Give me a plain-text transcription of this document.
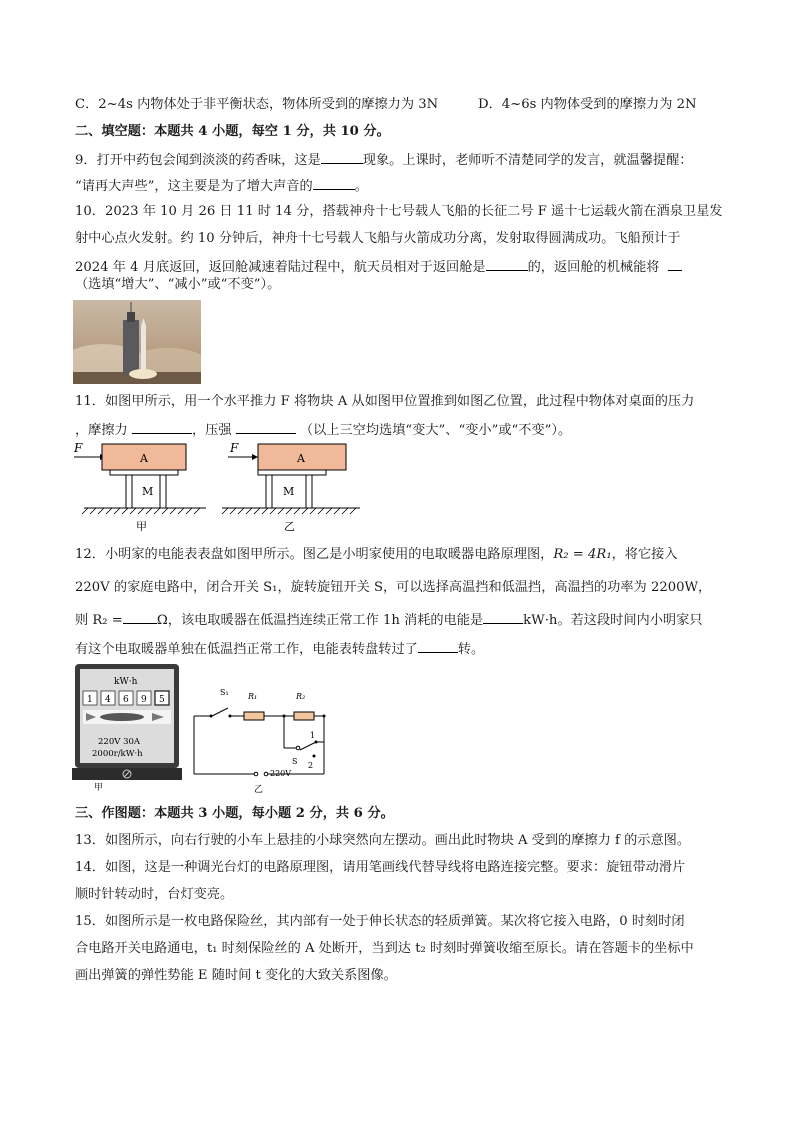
C．2~4s 内物体处于非平衡状态，物体所受到的摩擦力为 3N	D．4~6s 内物体受到的摩擦力为 2N
二、填空题：本题共 4 小题，每空 1 分，共 10 分。
9．打开中药包会闻到淡淡的药香味，这是	现象。上课时，老师听不清楚同学的发言，就温馨提醒：
“请再大声些”，这主要是为了增大声音的	。
10．2023 年 10 月 26 日 11 时 14 分，搭载神舟十七号载人飞船的长征二号 F 遥十七运载火箭在酒泉卫星发
射中心点火发射。约 10 分钟后，神舟十七号载人飞船与火箭成功分离，发射取得圆满成功。飞船预计于
2024 年 4 月底返回，返回舱减速着陆过程中，航天员相对于返回舱是	的，返回舱的机械能将
（选填“增大”、“减小”或“不变”）。
11．如图甲所示，用一个水平推力 F 将物块 A 从如图甲位置推到如图乙位置，此过程中物体对桌面的压力
，摩擦力	，压强	（以上三空均选填“变大”、“变小”或“不变”）。
F
A
M
甲
F
A
M
乙
12．小明家的电能表表盘如图甲所示。图乙是小明家使用的电取暖器电路原理图，R₂ = 4R₁，将它接入
220V 的家庭电路中，闭合开关 S₁，旋转旋钮开关 S，可以选择高温挡和低温挡，高温挡的功率为 2200W，
则 R₂ =	Ω，该电取暖器在低温挡连续正常工作 1h 消耗的电能是	kW·h。若这段时间内小明家只
有这个电取暖器单独在低温挡正常工作，电能表转盘转过了	转。
kW·h
1 4 6 9 5
220V 30A
2000r/kW·h
甲
S₁ R₁	R₂
1
2
S
220V
乙
三、作图题：本题共 3 小题，每小题 2 分，共 6 分。
13．如图所示，向右行驶的小车上悬挂的小球突然向左摆动。画出此时物块 A 受到的摩擦力 f 的示意图。
14．如图，这是一种调光台灯的电路原理图，请用笔画线代替导线将电路连接完整。要求：旋钮带动滑片
顺时针转动时，台灯变亮。
15．如图所示是一枚电路保险丝，其内部有一处于伸长状态的轻质弹簧。某次将它接入电路，0 时刻时闭
合电路开关电路通电，t₁ 时刻保险丝的 A 处断开，当到达 t₂ 时刻时弹簧收缩至原长。请在答题卡的坐标中
画出弹簧的弹性势能 E 随时间 t 变化的大致关系图像。
